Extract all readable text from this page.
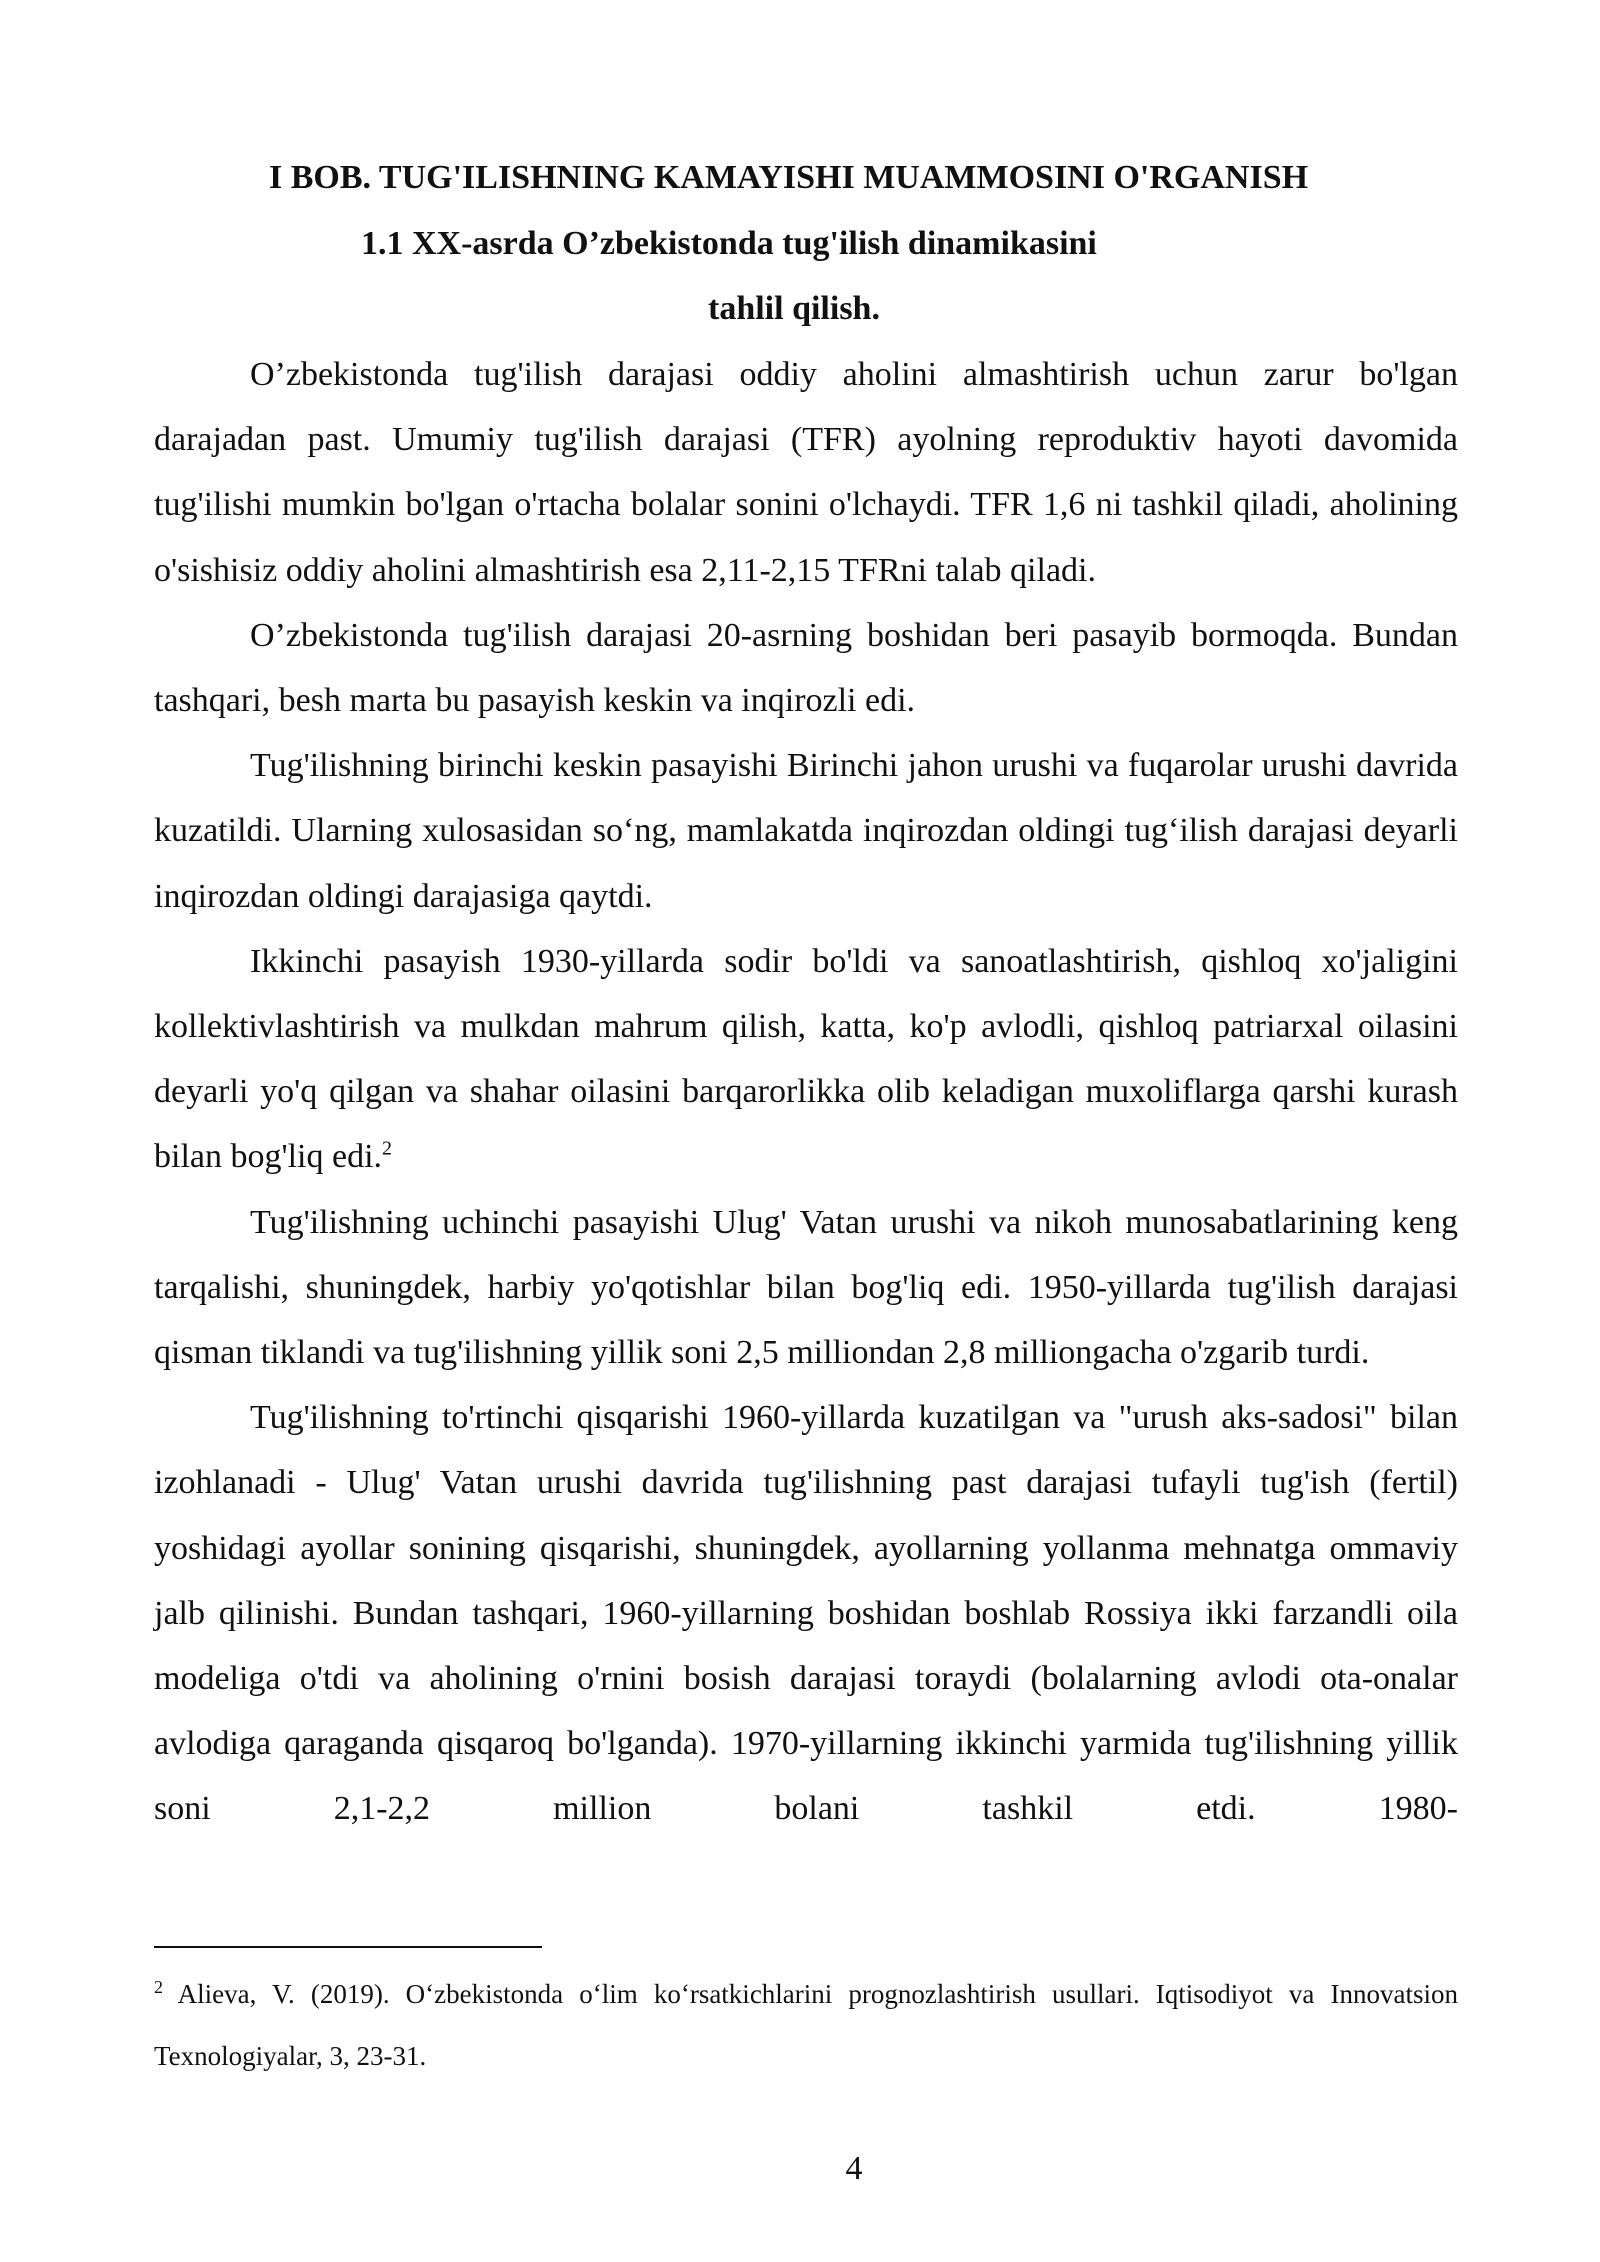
I BOB. TUG'ILISHNING KAMAYISHI MUAMMOSINI O'RGANISH
1.1 XX-asrda O’zbekistonda tug'ilish dinamikasini
tahlil qilish.

O’zbekistonda tug'ilish darajasi oddiy aholini almashtirish uchun zarur bo'lgan darajadan past. Umumiy tug'ilish darajasi (TFR) ayolning reproduktiv hayoti davomida tug'ilishi mumkin bo'lgan o'rtacha bolalar sonini o'lchaydi. TFR 1,6 ni tashkil qiladi, aholining o'sishisiz oddiy aholini almashtirish esa 2,11-2,15 TFRni talab qiladi.

O’zbekistonda tug'ilish darajasi 20-asrning boshidan beri pasayib bormoqda. Bundan tashqari, besh marta bu pasayish keskin va inqirozli edi.

Tug'ilishning birinchi keskin pasayishi Birinchi jahon urushi va fuqarolar urushi davrida kuzatildi. Ularning xulosasidan so‘ng, mamlakatda inqirozdan oldingi tug‘ilish darajasi deyarli inqirozdan oldingi darajasiga qaytdi.

Ikkinchi pasayish 1930-yillarda sodir bo'ldi va sanoatlashtirish, qishloq xo'jaligini kollektivlashtirish va mulkdan mahrum qilish, katta, ko'p avlodli, qishloq patriarxal oilasini deyarli yo'q qilgan va shahar oilasini barqarorlikka olib keladigan muxoliflarga qarshi kurash bilan bog'liq edi.$^2$

Tug'ilishning uchinchi pasayishi Ulug' Vatan urushi va nikoh munosabatlarining keng tarqalishi, shuningdek, harbiy yo'qotishlar bilan bog'liq edi. 1950-yillarda tug'ilish darajasi qisman tiklandi va tug'ilishning yillik soni 2,5 milliondan 2,8 milliongacha o'zgarib turdi.

Tug'ilishning to'rtinchi qisqarishi 1960-yillarda kuzatilgan va "urush aks-sadosi" bilan izohlanadi - Ulug' Vatan urushi davrida tug'ilishning past darajasi tufayli tug'ish (fertil) yoshidagi ayollar sonining qisqarishi, shuningdek, ayollarning yollanma mehnatga ommaviy jalb qilinishi. Bundan tashqari, 1960-yillarning boshidan boshlab Rossiya ikki farzandli oila modeliga o'tdi va aholining o'rnini bosish darajasi toraydi (bolalarning avlodi ota-onalar avlodiga qaraganda qisqaroq bo'lganda). 1970-yillarning ikkinchi yarmida tug'ilishning yillik soni 2,1-2,2 million bolani tashkil etdi. 1980-

$^2$ Alieva, V. (2019). O‘zbekistonda o‘lim ko‘rsatkichlarini prognozlashtirish usullari. Iqtisodiyot va Innovatsion Texnologiyalar, 3, 23-31.

4
